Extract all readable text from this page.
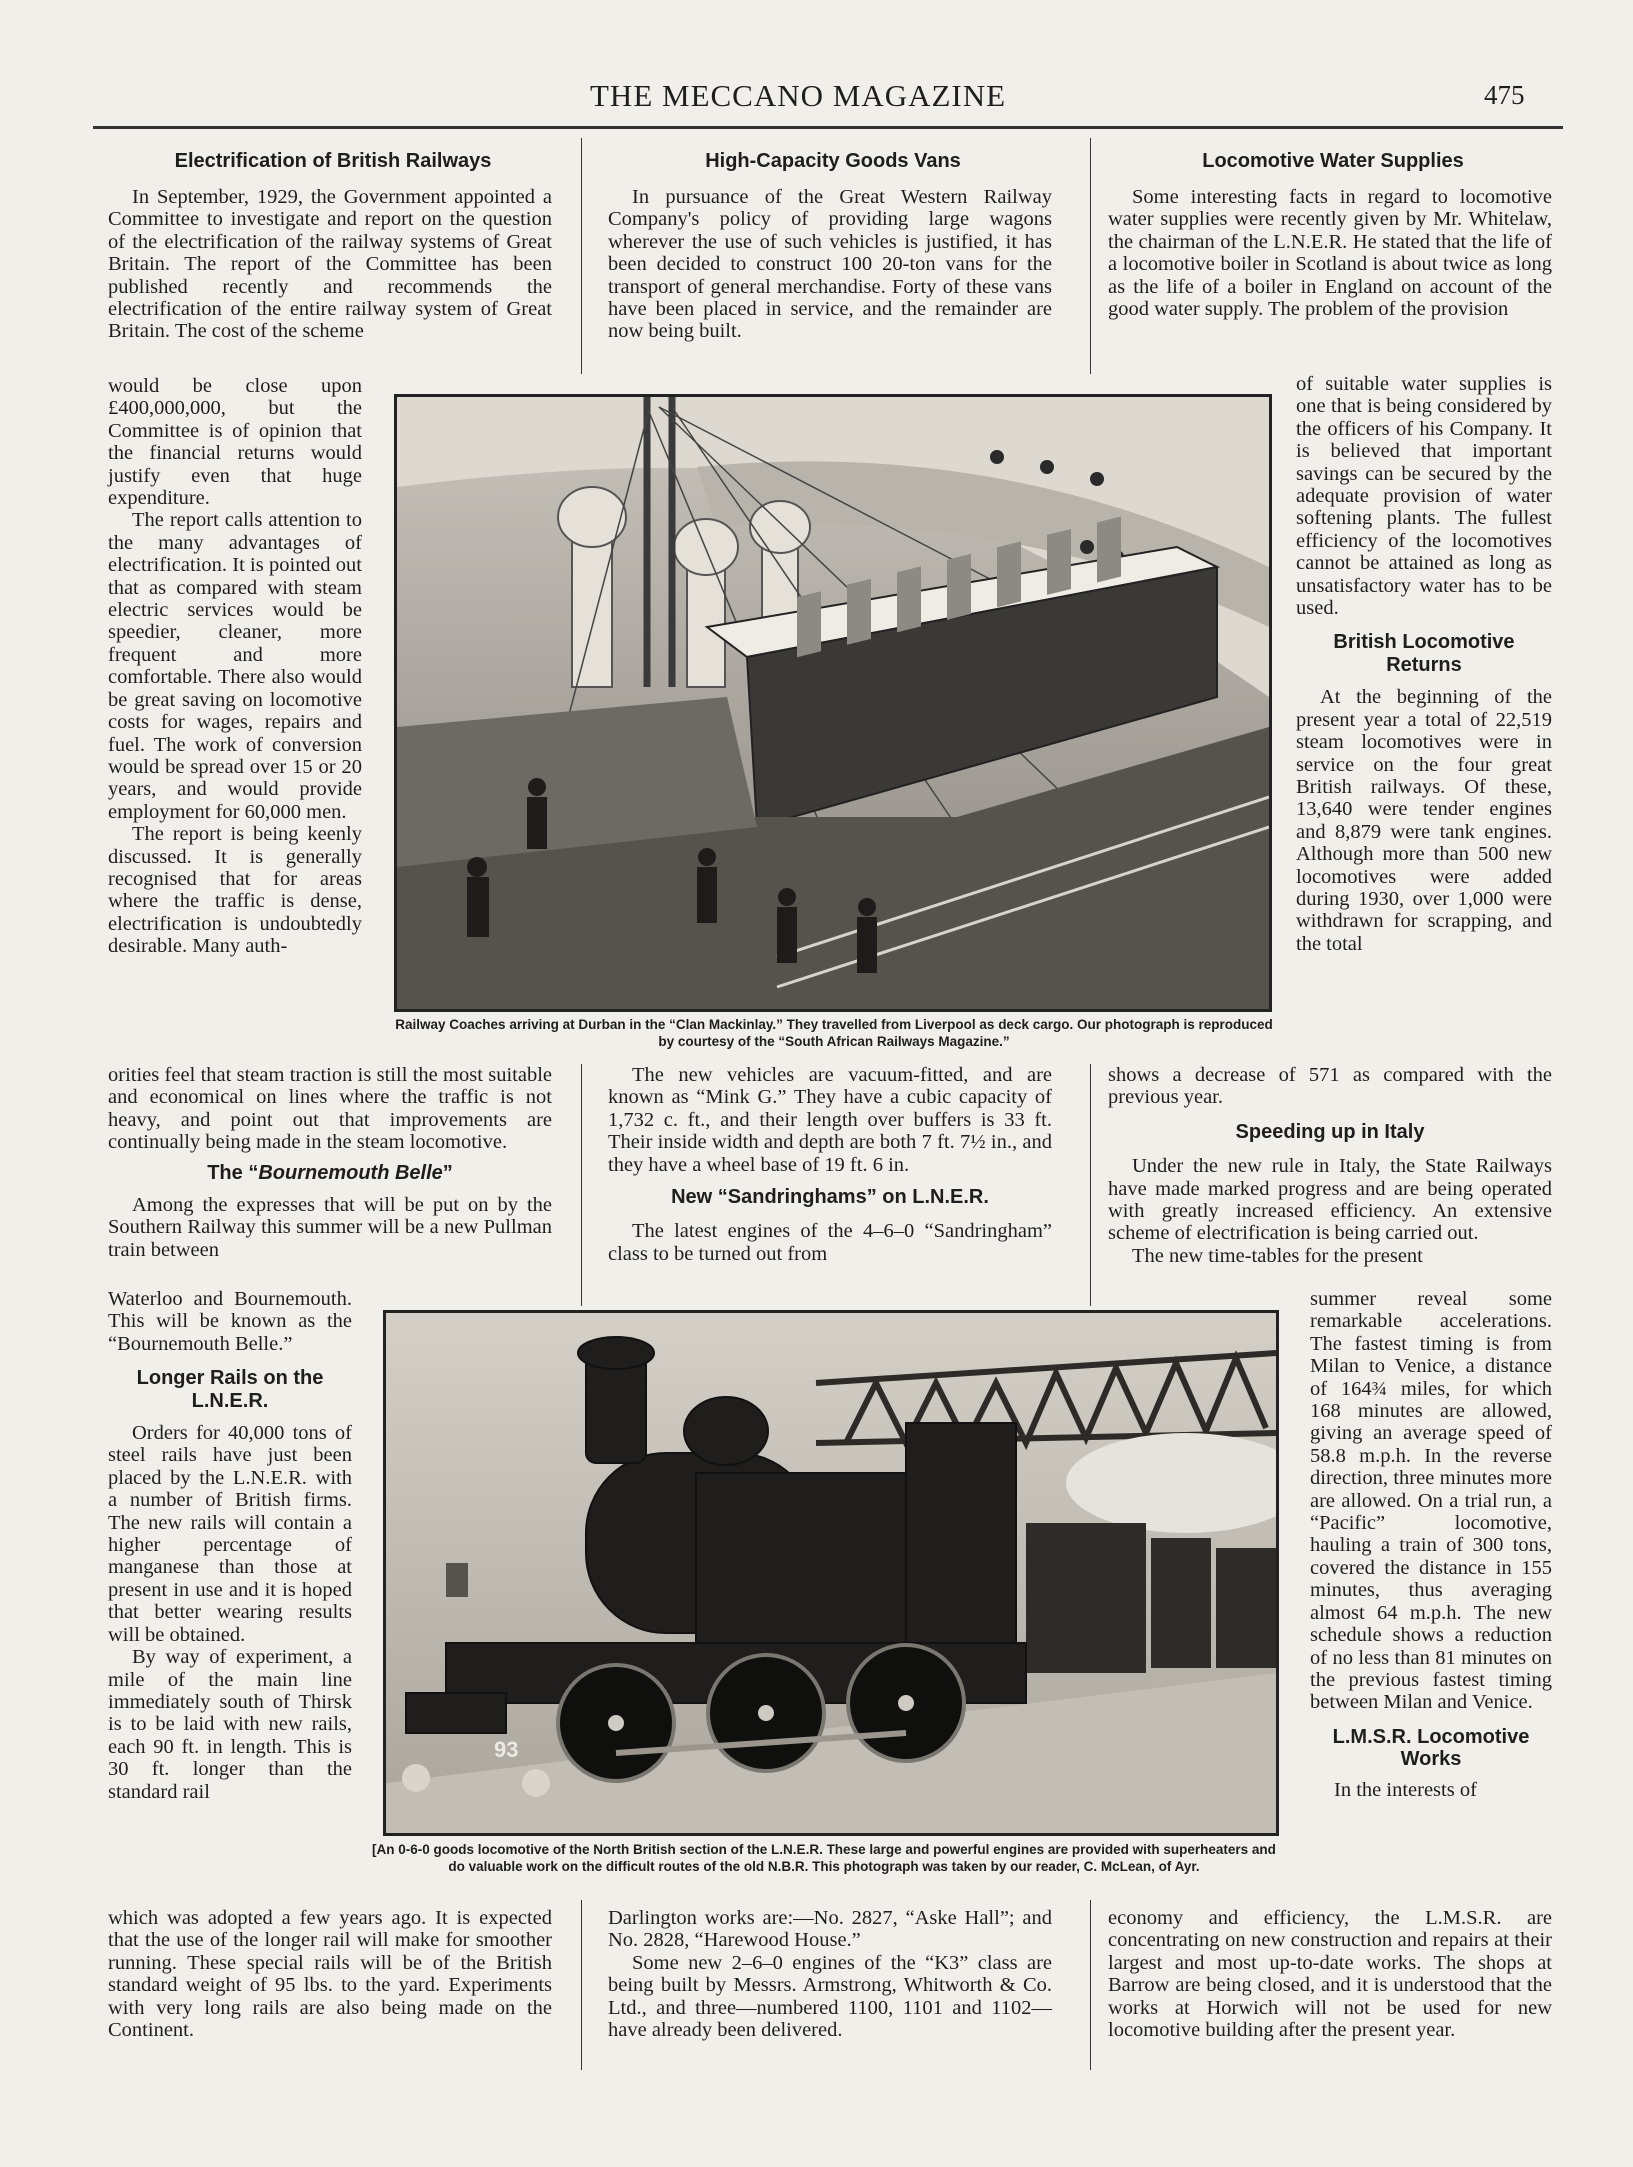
THE MECCANO MAGAZINE	475
Electrification of British Railways

In September, 1929, the Government appointed a Committee to investigate and report on the question of the electrification of the railway systems of Great Britain. The report of the Committee has been published recently and recommends the electrification of the entire railway system of Great Britain. The cost of the scheme

would be close upon £400,000,000, but the Committee is of opinion that the financial returns would justify even that huge expenditure.

The report calls attention to the many advantages of electrification. It is pointed out that as compared with steam electric services would be speedier, cleaner, more frequent and more comfortable. There also would be great saving on locomotive costs for wages, repairs and fuel. The work of conversion would be spread over 15 or 20 years, and would provide employment for 60,000 men.

The report is being keenly discussed. It is generally recognised that for areas where the traffic is dense, electrification is undoubtedly desirable. Many auth-

orities feel that steam traction is still the most suitable and economical on lines where the traffic is not heavy, and point out that improvements are continually being made in the steam locomotive.

The “Bournemouth Belle”

Among the expresses that will be put on by the Southern Railway this summer will be a new Pullman train between

Waterloo and Bournemouth. This will be known as the “Bournemouth Belle.”

Longer Rails on the L.N.E.R.

Orders for 40,000 tons of steel rails have just been placed by the L.N.E.R. with a number of British firms. The new rails will contain a higher percentage of manganese than those at present in use and it is hoped that better wearing results will be obtained.

By way of experiment, a mile of the main line immediately south of Thirsk is to be laid with new rails, each 90 ft. in length. This is 30 ft. longer than the standard rail

which was adopted a few years ago. It is expected that the use of the longer rail will make for smoother running. These special rails will be of the British standard weight of 95 lbs. to the yard. Experiments with very long rails are also being made on the Continent.

High-Capacity Goods Vans

In pursuance of the Great Western Railway Company's policy of providing large wagons wherever the use of such vehicles is justified, it has been decided to construct 100 20-ton vans for the transport of general merchandise. Forty of these vans have been placed in service, and the remainder are now being built.

The new vehicles are vacuum-fitted, and are known as “Mink G.” They have a cubic capacity of 1,732 c. ft., and their length over buffers is 33 ft. Their inside width and depth are both 7 ft. 7½ in., and they have a wheel base of 19 ft. 6 in.

New “Sandringhams” on L.N.E.R.

The latest engines of the 4–6–0 “Sandringham” class to be turned out from

Darlington works are:—No. 2827, “Aske Hall”; and No. 2828, “Harewood House.”

Some new 2–6–0 engines of the “K3” class are being built by Messrs. Armstrong, Whitworth & Co. Ltd., and three—numbered 1100, 1101 and 1102—have already been delivered.

Locomotive Water Supplies

Some interesting facts in regard to locomotive water supplies were recently given by Mr. Whitelaw, the chairman of the L.N.E.R. He stated that the life of a locomotive boiler in Scotland is about twice as long as the life of a boiler in England on account of the good water supply. The problem of the provision

of suitable water supplies is one that is being considered by the officers of his Company. It is believed that important savings can be secured by the adequate provision of water softening plants. The fullest efficiency of the locomotives cannot be attained as long as unsatisfactory water has to be used.

British Locomotive Returns

At the beginning of the present year a total of 22,519 steam locomotives were in service on the four great British railways. Of these, 13,640 were tender engines and 8,879 were tank engines. Although more than 500 new locomotives were added during 1930, over 1,000 were withdrawn for scrapping, and the total

shows a decrease of 571 as compared with the previous year.

Speeding up in Italy

Under the new rule in Italy, the State Railways have made marked progress and are being operated with greatly increased efficiency. An extensive scheme of electrification is being carried out.

The new time-tables for the present

summer reveal some remarkable accelerations. The fastest timing is from Milan to Venice, a distance of 164¾ miles, for which 168 minutes are allowed, giving an average speed of 58.8 m.p.h. In the reverse direction, three minutes more are allowed. On a trial run, a “Pacific” locomotive, hauling a train of 300 tons, covered the distance in 155 minutes, thus averaging almost 64 m.p.h. The new schedule shows a reduction of no less than 81 minutes on the previous fastest timing between Milan and Venice.

L.M.S.R. Locomotive Works

In the interests of

economy and efficiency, the L.M.S.R. are concentrating on new construction and repairs at their largest and most up-to-date works. The shops at Barrow are being closed, and it is understood that the works at Horwich will not be used for new locomotive building after the present year.

Railway Coaches arriving at Durban in the “Clan Mackinlay.” They travelled from Liverpool as deck cargo. Our photograph is reproduced by courtesy of the “South African Railways Magazine.”
93
[An 0-6-0 goods locomotive of the North British section of the L.N.E.R. These large and powerful engines are provided with superheaters and do valuable work on the difficult routes of the old N.B.R. This photograph was taken by our reader, C. McLean, of Ayr.
